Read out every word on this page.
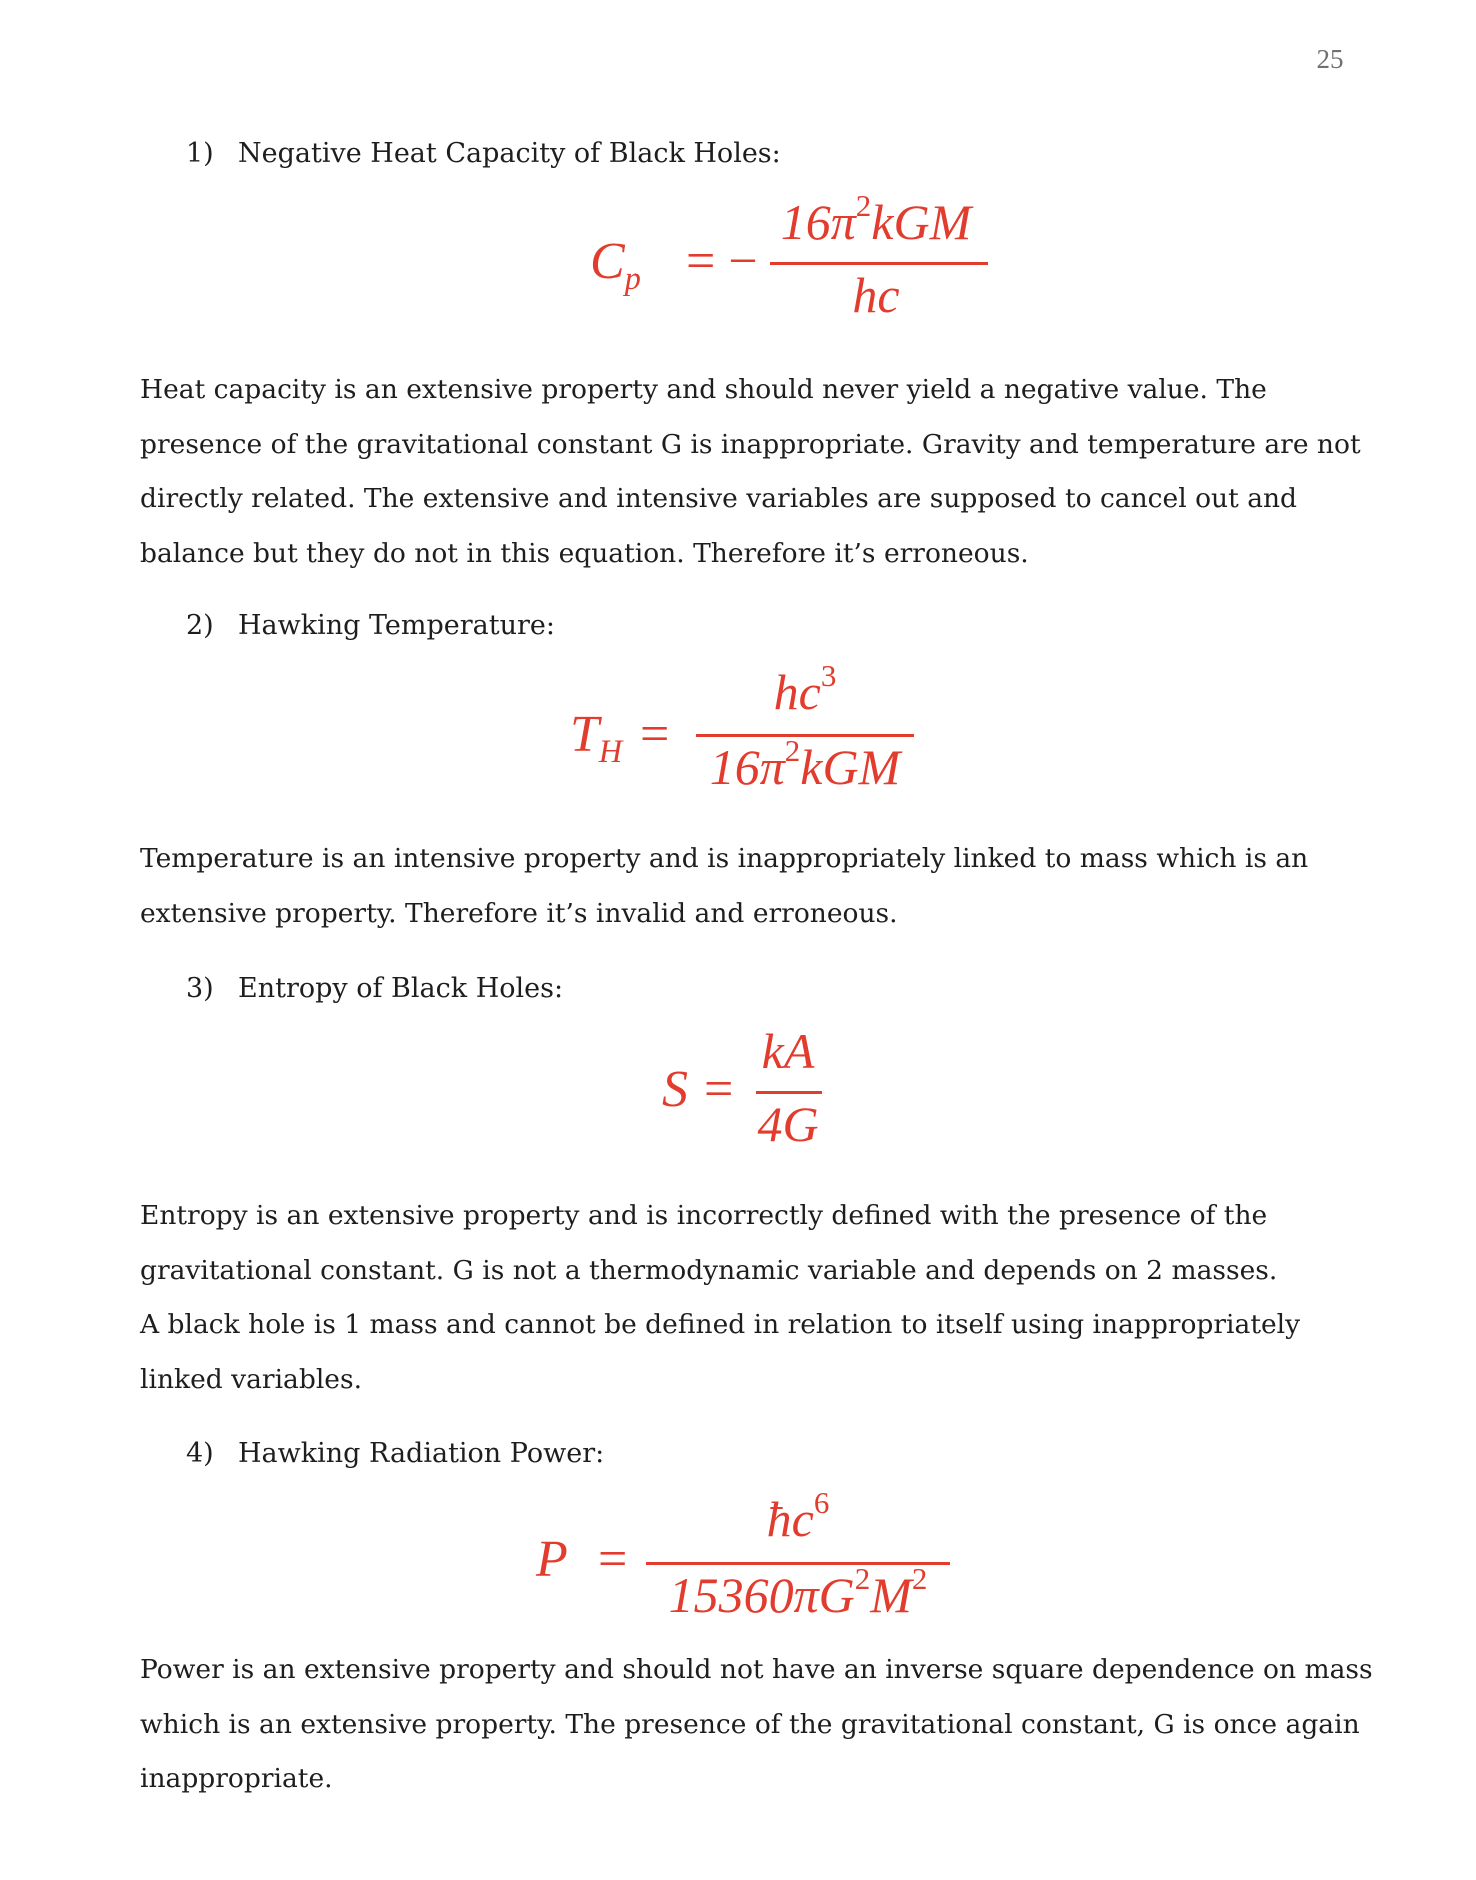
25
1) Negative Heat Capacity of Black Holes:
$C_p$ = −
$16\pi^2kGM$
hc
Heat capacity is an extensive property and should never yield a negative value. The
presence of the gravitational constant G is inappropriate. Gravity and temperature are not
directly related. The extensive and intensive variables are supposed to cancel out and
balance but they do not in this equation. Therefore it’s erroneous.
2) Hawking Temperature:
$T_H$ =
$hc^3$
$16\pi^2kGM$
Temperature is an intensive property and is inappropriately linked to mass which is an
extensive property. Therefore it’s invalid and erroneous.
3) Entropy of Black Holes:
S =
kA
4G
Entropy is an extensive property and is incorrectly defined with the presence of the
gravitational constant. G is not a thermodynamic variable and depends on 2 masses.
A black hole is 1 mass and cannot be defined in relation to itself using inappropriately
linked variables.
4) Hawking Radiation Power:
P =
$ħc^6$
$15360\pi G^2M^2$
Power is an extensive property and should not have an inverse square dependence on mass
which is an extensive property. The presence of the gravitational constant, G is once again
inappropriate.
